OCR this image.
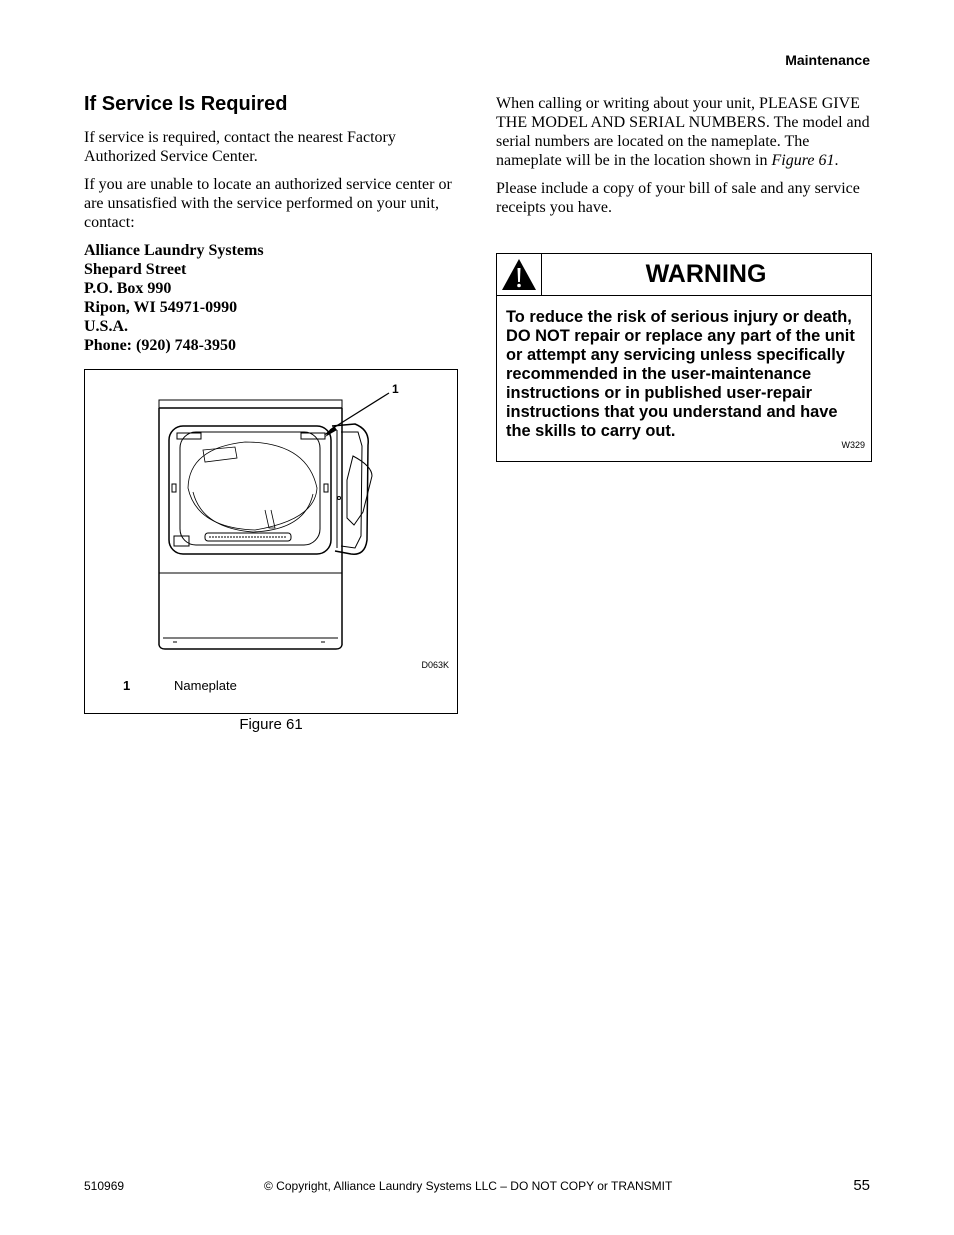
Maintenance
If Service Is Required

If service is required, contact the nearest Factory Authorized Service Center.

If you are unable to locate an authorized service center or are unsatisfied with the service performed on your unit, contact:

Alliance Laundry Systems
Shepard Street
P.O. Box 990
Ripon, WI 54971-0990
U.S.A.
Phone: (920) 748-3950
1
D063K
1	Nameplate
Figure 61

When calling or writing about your unit, PLEASE GIVE THE MODEL AND SERIAL NUMBERS. The model and serial numbers are located on the nameplate. The nameplate will be in the location shown in Figure 61.

Please include a copy of your bill of sale and any service receipts you have.

WARNING
To reduce the risk of serious injury or death, DO NOT repair or replace any part of the unit or attempt any servicing unless specifically recommended in the user-maintenance instructions or in published user-repair instructions that you understand and have the skills to carry out.
W329
510969	© Copyright, Alliance Laundry Systems LLC – DO NOT COPY or TRANSMIT	55
